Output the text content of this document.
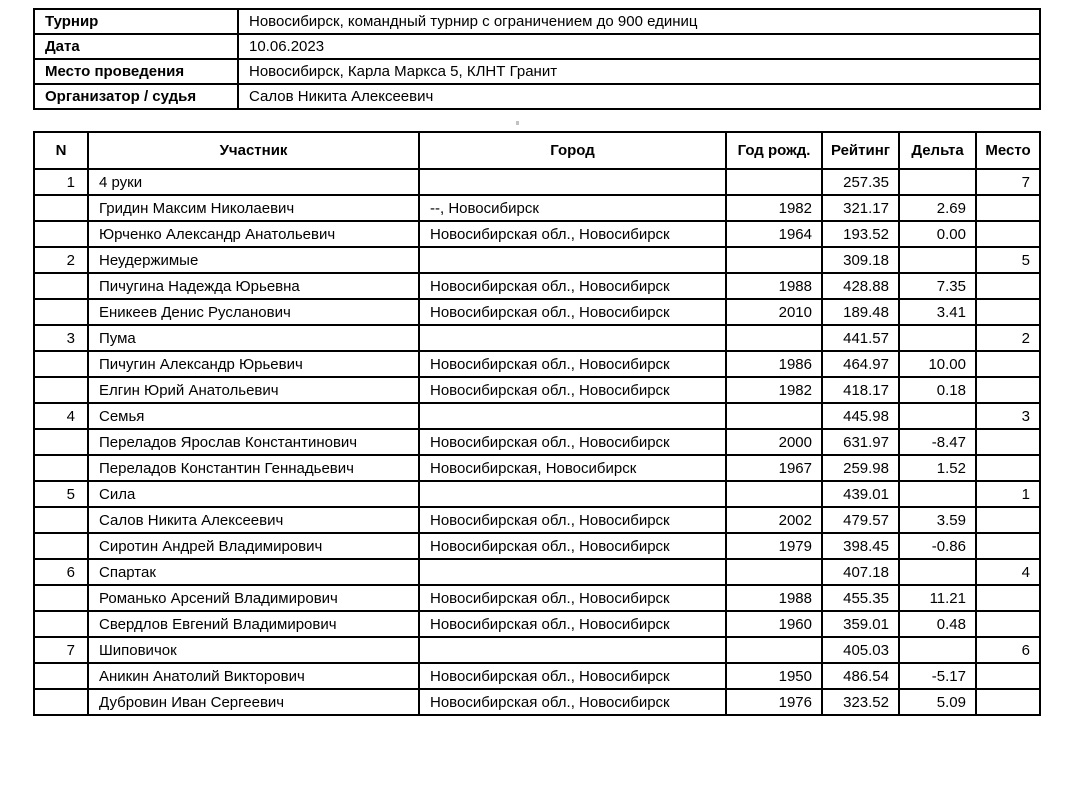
Турнир	Новосибирск, командный турнир с ограничением до 900 единиц
Дата	10.06.2023
Место проведения	Новосибирск, Карла Маркса 5, КЛНТ Гранит
Организатор / судья	Салов Никита Алексеевич
N	Участник	Город	Год рожд.	Рейтинг	Дельта	Место
1	4 руки			257.35		7
	Гридин Максим Николаевич	--, Новосибирск	1982	321.17	2.69	
	Юрченко Александр Анатольевич	Новосибирская обл., Новосибирск	1964	193.52	0.00	
2	Неудержимые			309.18		5
	Пичугина Надежда Юрьевна	Новосибирская обл., Новосибирск	1988	428.88	7.35	
	Еникеев Денис Русланович	Новосибирская обл., Новосибирск	2010	189.48	3.41	
3	Пума			441.57		2
	Пичугин Александр Юрьевич	Новосибирская обл., Новосибирск	1986	464.97	10.00	
	Елгин Юрий Анатольевич	Новосибирская обл., Новосибирск	1982	418.17	0.18	
4	Семья			445.98		3
	Переладов Ярослав Константинович	Новосибирская обл., Новосибирск	2000	631.97	-8.47	
	Переладов Константин Геннадьевич	Новосибирская, Новосибирск	1967	259.98	1.52	
5	Сила			439.01		1
	Салов Никита Алексеевич	Новосибирская обл., Новосибирск	2002	479.57	3.59	
	Сиротин Андрей Владимирович	Новосибирская обл., Новосибирск	1979	398.45	-0.86	
6	Спартак			407.18		4
	Романько Арсений Владимирович	Новосибирская обл., Новосибирск	1988	455.35	11.21	
	Свердлов Евгений Владимирович	Новосибирская обл., Новосибирск	1960	359.01	0.48	
7	Шиповичок			405.03		6
	Аникин Анатолий Викторович	Новосибирская обл., Новосибирск	1950	486.54	-5.17	
	Дубровин Иван Сергеевич	Новосибирская обл., Новосибирск	1976	323.52	5.09	
